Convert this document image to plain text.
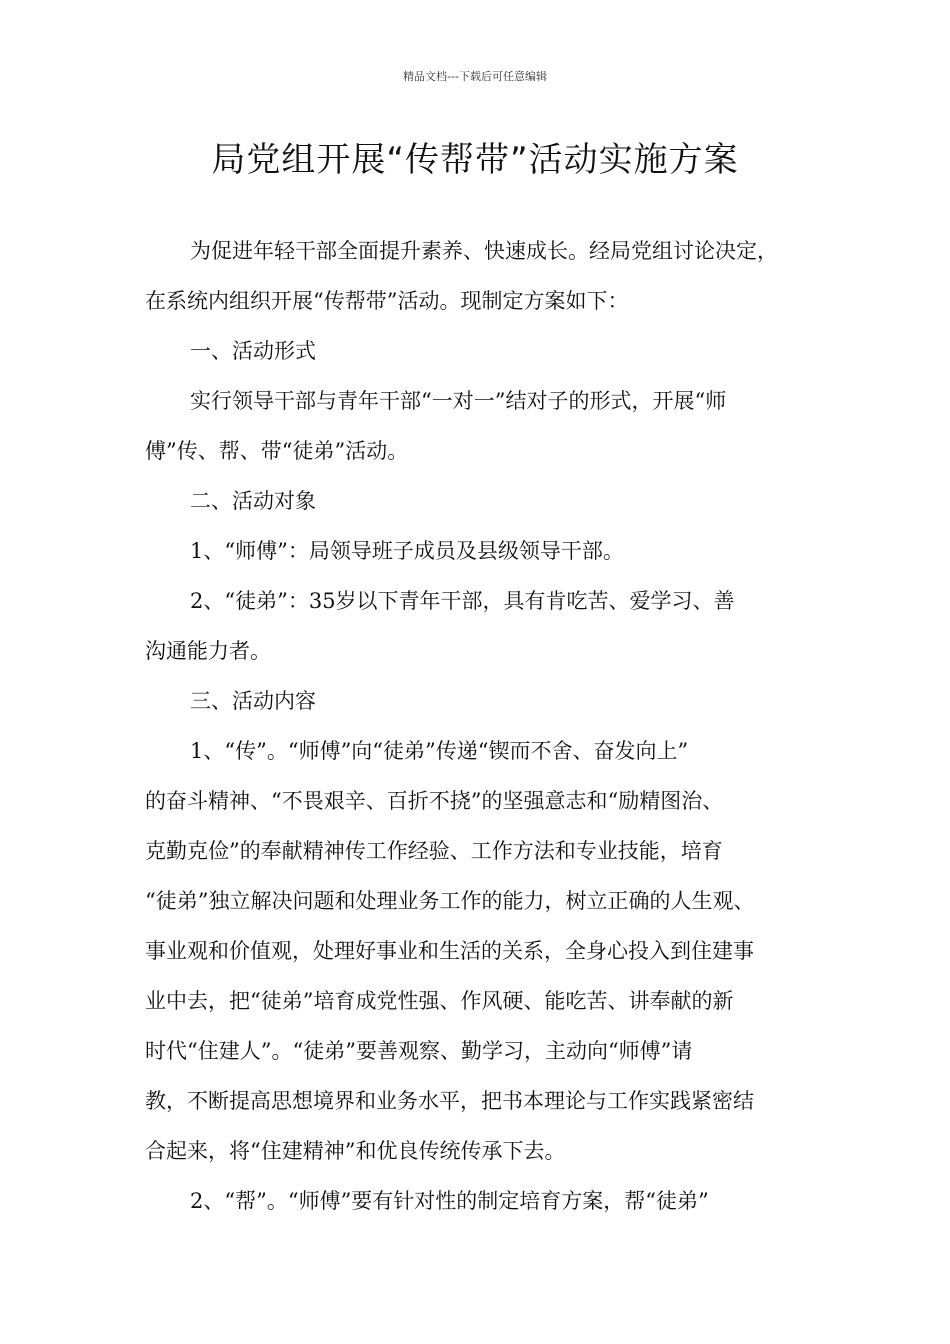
精品文档---下载后可任意编辑
局党组开展“传帮带”活动实施方案
为促进年轻干部全面提升素养、快速成长。经局党组讨论决定，
在系统内组织开展“传帮带”活动。现制定方案如下：
一、活动形式
实行领导干部与青年干部“一对一”结对子的形式，开展“师
傅”传、帮、带“徒弟”活动。
二、活动对象
1、“师傅”：局领导班子成员及县级领导干部。
2、“徒弟”：35岁以下青年干部，具有肯吃苦、爱学习、善
沟通能力者。
三、活动内容
1、“传”。“师傅”向“徒弟”传递“锲而不舍、奋发向上”
的奋斗精神、“不畏艰辛、百折不挠”的坚强意志和“励精图治、
克勤克俭”的奉献精神传工作经验、工作方法和专业技能，培育
“徒弟”独立解决问题和处理业务工作的能力，树立正确的人生观、
事业观和价值观，处理好事业和生活的关系，全身心投入到住建事
业中去，把“徒弟”培育成党性强、作风硬、能吃苦、讲奉献的新
时代“住建人”。“徒弟”要善观察、勤学习，主动向“师傅”请
教，不断提高思想境界和业务水平，把书本理论与工作实践紧密结
合起来，将“住建精神”和优良传统传承下去。
2、“帮”。“师傅”要有针对性的制定培育方案，帮“徒弟”
